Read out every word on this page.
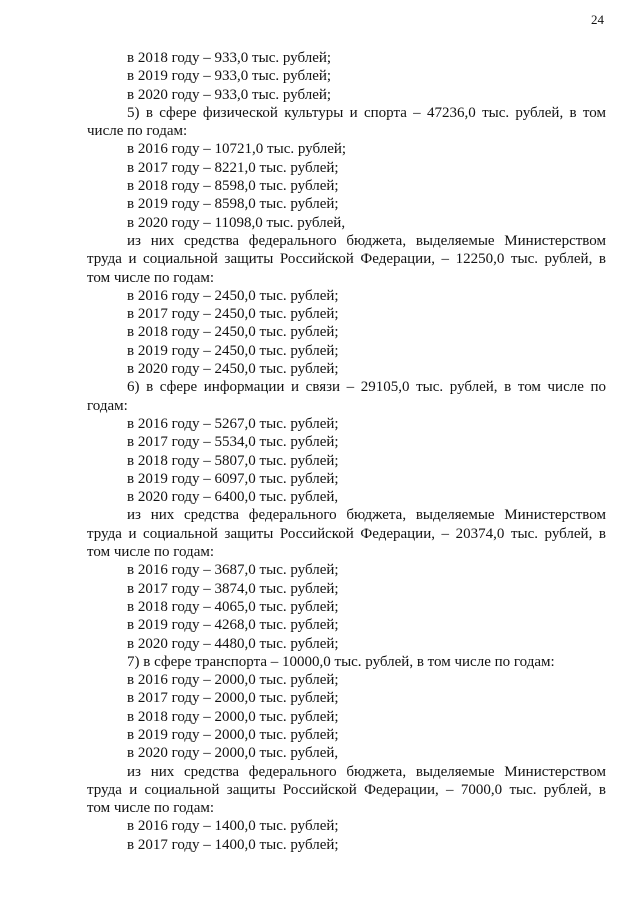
24
в 2018 году – 933,0 тыс. рублей;
в 2019 году – 933,0 тыс. рублей;
в 2020 году – 933,0 тыс. рублей;
5) в сфере физической культуры и спорта – 47236,0 тыс. рублей, в том
числе по годам:
в 2016 году – 10721,0 тыс. рублей;
в 2017 году – 8221,0 тыс. рублей;
в 2018 году – 8598,0 тыс. рублей;
в 2019 году – 8598,0 тыс. рублей;
в 2020 году – 11098,0 тыс. рублей,
из них средства федерального бюджета, выделяемые Министерством
труда и социальной защиты Российской Федерации, – 12250,0 тыс. рублей, в
том числе по годам:
в 2016 году – 2450,0 тыс. рублей;
в 2017 году – 2450,0 тыс. рублей;
в 2018 году – 2450,0 тыс. рублей;
в 2019 году – 2450,0 тыс. рублей;
в 2020 году – 2450,0 тыс. рублей;
6) в сфере информации и связи – 29105,0 тыс. рублей, в том числе по
годам:
в 2016 году – 5267,0 тыс. рублей;
в 2017 году – 5534,0 тыс. рублей;
в 2018 году – 5807,0 тыс. рублей;
в 2019 году – 6097,0 тыс. рублей;
в 2020 году – 6400,0 тыс. рублей,
из них средства федерального бюджета, выделяемые Министерством
труда и социальной защиты Российской Федерации, – 20374,0 тыс. рублей, в
том числе по годам:
в 2016 году – 3687,0 тыс. рублей;
в 2017 году – 3874,0 тыс. рублей;
в 2018 году – 4065,0 тыс. рублей;
в 2019 году – 4268,0 тыс. рублей;
в 2020 году – 4480,0 тыс. рублей;
7) в сфере транспорта – 10000,0 тыс. рублей, в том числе по годам:
в 2016 году – 2000,0 тыс. рублей;
в 2017 году – 2000,0 тыс. рублей;
в 2018 году – 2000,0 тыс. рублей;
в 2019 году – 2000,0 тыс. рублей;
в 2020 году – 2000,0 тыс. рублей,
из них средства федерального бюджета, выделяемые Министерством
труда и социальной защиты Российской Федерации, – 7000,0 тыс. рублей, в
том числе по годам:
в 2016 году – 1400,0 тыс. рублей;
в 2017 году – 1400,0 тыс. рублей;
